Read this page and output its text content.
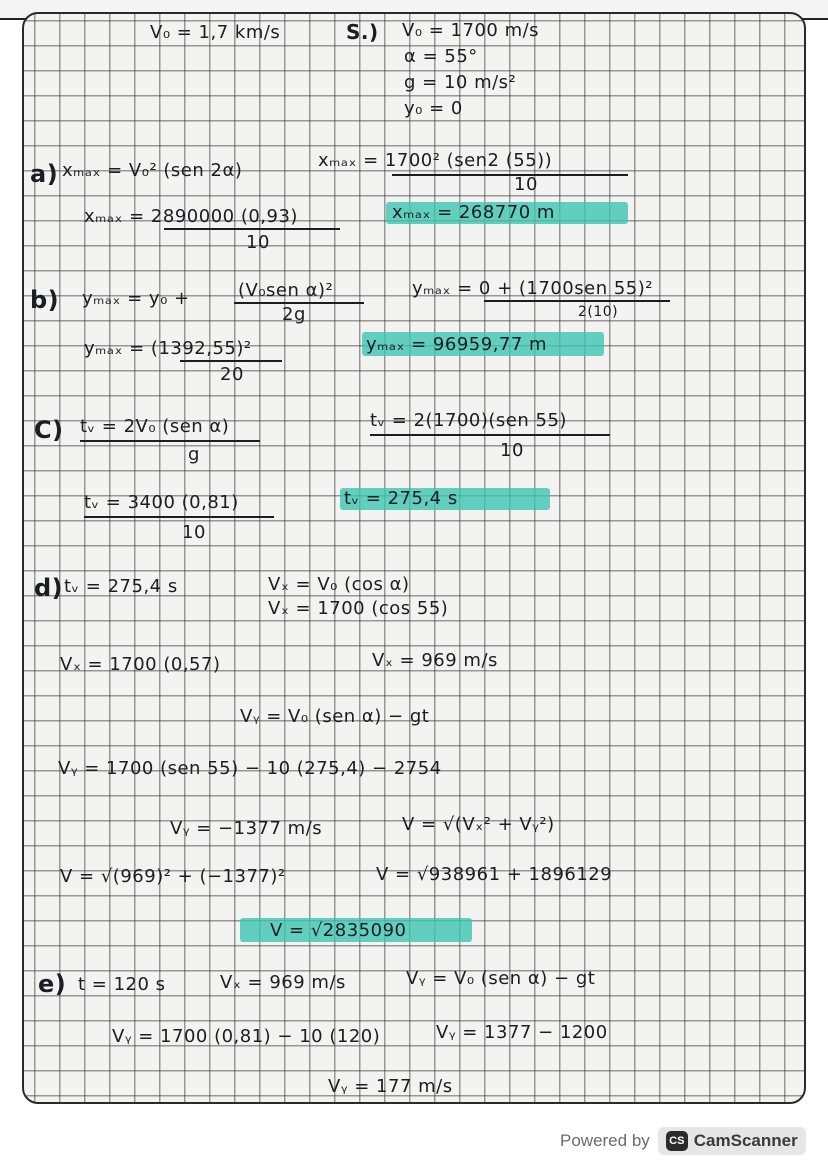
V₀ = 1,7 km/s	S.) V₀ = 1700 m/s
α = 55°
g = 10 m/s²
y₀ = 0
a) xₘₐₓ = V₀² (sen 2α)	xₘₐₓ = 1700² (sen2 (55))
10
xₘₐₓ = 2890000 (0,93)
10
xₘₐₓ = 268770 m
b) yₘₐₓ = y₀ +	(V₀sen α)²
2g
yₘₐₓ = 0 + (1700sen 55)²
2(10)
yₘₐₓ = (1392,55)²
20
yₘₐₓ = 96959,77 m
C) tᵥ = 2V₀ (sen α)
g
tᵥ = 2(1700)(sen 55)
10
tᵥ = 3400 (0,81)
10
tᵥ = 275,4 s
d) tᵥ = 275,4 s	Vₓ = V₀ (cos α)
Vₓ = 1700 (cos 55)
Vₓ = 1700 (0,57)	Vₓ = 969 m/s
Vᵧ = V₀ (sen α) − gt
Vᵧ = 1700 (sen 55) − 10 (275,4) − 2754
Vᵧ = −1377 m/s	V = √(Vₓ² + Vᵧ²)
V = √(969)² + (−1377)²	V = √938961 + 1896129
V = √2835090
e) t = 120 s	Vₓ = 969 m/s	Vᵧ = V₀ (sen α) − gt
Vᵧ = 1700 (0,81) − 10 (120)	Vᵧ = 1377 − 1200
Vᵧ = 177 m/s
Powered by	CS CamScanner
